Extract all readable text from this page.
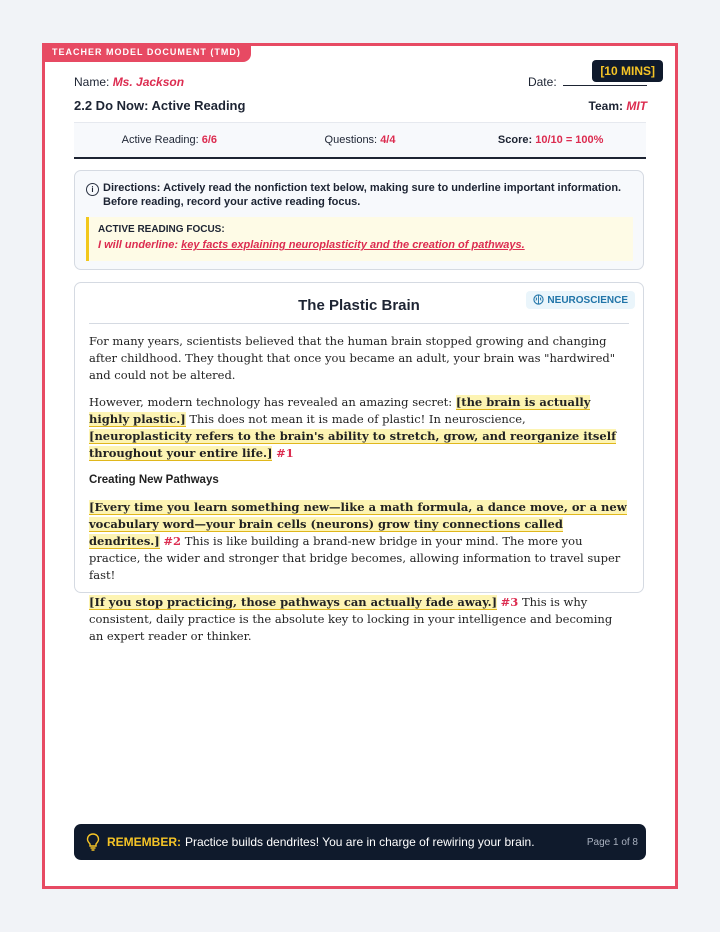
TEACHER MODEL DOCUMENT (TMD)
[10 MINS]
Name: Ms. Jackson	Date:
2.2 Do Now: Active Reading	Team: MIT
Active Reading: 6/6	Questions: 4/4	Score: 10/10 = 100%
i Directions: Actively read the nonfiction text below, making sure to underline important information. Before reading, record your active reading focus.
ACTIVE READING FOCUS:
I will underline: key facts explaining neuroplasticity and the creation of pathways.
The Plastic Brain	NEUROSCIENCE

For many years, scientists believed that the human brain stopped growing and changing after childhood. They thought that once you became an adult, your brain was "hardwired" and could not be altered.

However, modern technology has revealed an amazing secret: [the brain is actually highly plastic.] This does not mean it is made of plastic! In neuroscience, [neuroplasticity refers to the brain's ability to stretch, grow, and reorganize itself throughout your entire life.] #1

Creating New Pathways

[Every time you learn something new—like a math formula, a dance move, or a new vocabulary word—your brain cells (neurons) grow tiny connections called dendrites.] #2 This is like building a brand-new bridge in your mind. The more you practice, the wider and stronger that bridge becomes, allowing information to travel super fast!

[If you stop practicing, those pathways can actually fade away.] #3 This is why consistent, daily practice is the absolute key to locking in your intelligence and becoming an expert reader or thinker.

REMEMBER: Practice builds dendrites! You are in charge of rewiring your brain.	Page 1 of 8
